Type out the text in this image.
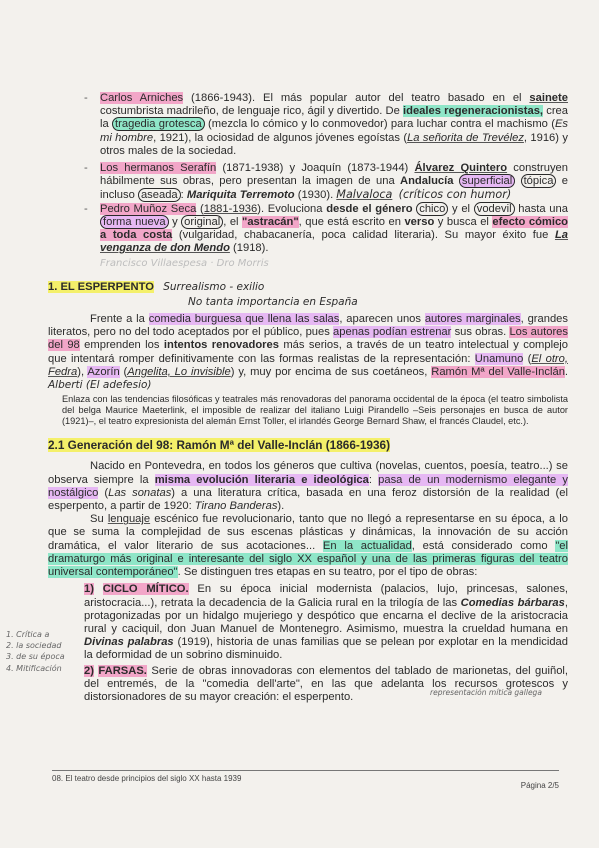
- Carlos Arniches (1866-1943). El más popular autor del teatro basado en el sainete costumbrista madrileño, de lenguaje rico, ágil y divertido. De ideales regeneracionistas, crea la tragedia grotesca (mezcla lo cómico y lo conmovedor) para luchar contra el machismo (Es mi hombre, 1921), la ociosidad de algunos jóvenes egoístas (La señorita de Trevélez, 1916) y otros males de la sociedad.

- Los hermanos Serafín (1871-1938) y Joaquín (1873-1944) Álvarez Quintero construyen hábilmente sus obras, pero presentan la imagen de una Andalucía superficial tópica e incluso aseada : Mariquita Terremoto (1930). Malvaloca (críticos con humor)

- Pedro Muñoz Seca (1881-1936). Evoluciona desde el género chico y el vodevil hasta una forma nueva y original , el "astracán", que está escrito en verso y busca el efecto cómico a toda costa (vulgaridad, chabacanería, poca calidad literaria). Su mayor éxito fue La venganza de don Mendo (1918).

Francisco Villaespesa · Dro Morris

1. EL ESPERPENTO Surrealismo - exilio

No tanta importancia en España

Frente a la comedia burguesa que llena las salas, aparecen unos autores marginales, grandes literatos, pero no del todo aceptados por el público, pues apenas podían estrenar sus obras. Los autores del 98 emprenden los intentos renovadores más serios, a través de un teatro intelectual y complejo que intentará romper definitivamente con las formas realistas de la representación: Unamuno (El otro, Fedra), Azorín (Angelita, Lo invisible) y, muy por encima de sus coetáneos, Ramón Mª del Valle-Inclán. Alberti (El adefesio)

Enlaza con las tendencias filosóficas y teatrales más renovadoras del panorama occidental de la época (el teatro simbolista del belga Maurice Maeterlink, el imposible de realizar del italiano Luigi Pirandello –Seis personajes en busca de autor (1921)–, el teatro expresionista del alemán Ernst Toller, el irlandés George Bernard Shaw, el francés Claudel, etc.).

2.1 Generación del 98: Ramón Mª del Valle-Inclán (1866-1936)

Nacido en Pontevedra, en todos los géneros que cultiva (novelas, cuentos, poesía, teatro...) se observa siempre la misma evolución literaria e ideológica: pasa de un modernismo elegante y nostálgico (Las sonatas) a una literatura crítica, basada en una feroz distorsión de la realidad (el esperpento, a partir de 1920: Tirano Banderas).

Su lenguaje escénico fue revolucionario, tanto que no llegó a representarse en su época, a lo que se suma la complejidad de sus escenas plásticas y dinámicas, la innovación de su acción dramática, el valor literario de sus acotaciones... En la actualidad, está considerado como "el dramaturgo más original e interesante del siglo XX español y una de las primeras figuras del teatro universal contemporáneo". Se distinguen tres etapas en su teatro, por el tipo de obras:

1) CICLO MÍTICO. En su época inicial modernista (palacios, lujo, princesas, salones, aristocracia...), retrata la decadencia de la Galicia rural en la trilogía de las Comedias bárbaras, protagonizadas por un hidalgo mujeriego y despótico que encarna el declive de la aristocracia rural y caciquil, don Juan Manuel de Montenegro. Asimismo, muestra la crueldad humana en Divinas palabras (1919), historia de unas familias que se pelean por explotar en la mendicidad la deformidad de un sobrino disminuido.

2) FARSAS. Serie de obras innovadoras con elementos del tablado de marionetas, del guiñol, del entremés, de la "comedia dell'arte", en las que adelanta los recursos grotescos y distorsionadores de su mayor creación: el esperpento.

1. Crítica a
2. la sociedad
3. de su época
4. Mitificación
representación mítica gallega
08. El teatro desde principios del siglo XX hasta 1939
Página 2/5
